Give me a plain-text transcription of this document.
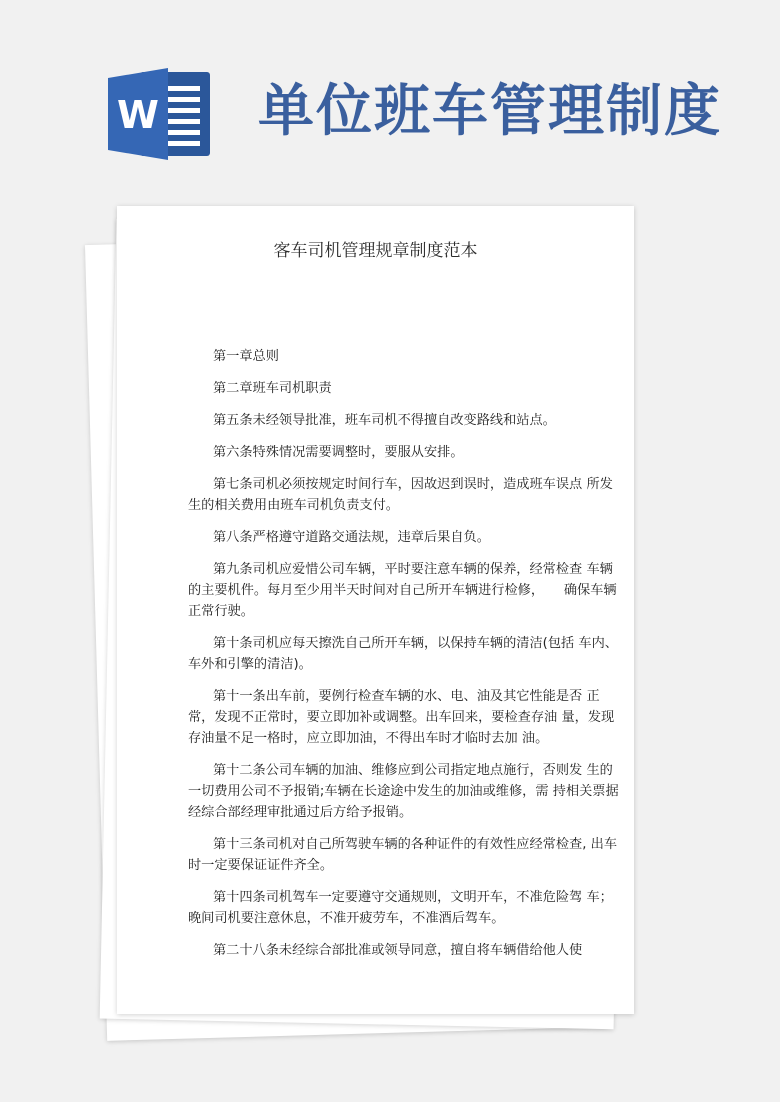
W 单位班车管理制度
客车司机管理规章制度范本

第一章总则

第二章班车司机职责

第五条未经领导批准，班车司机不得擅自改变路线和站点。

第六条特殊情况需要调整时，要服从安排。

第七条司机必须按规定时间行车，因故迟到误时，造成班车误点 所发生的相关费用由班车司机负责支付。

第八条严格遵守道路交通法规，违章后果自负。

第九条司机应爱惜公司车辆，平时要注意车辆的保养，经常检查 车辆的主要机件。每月至少用半天时间对自己所开车辆进行检修，　　确保车辆正常行驶。

第十条司机应每天擦洗自己所开车辆，以保持车辆的清洁(包括 车内、车外和引擎的清洁)。

第十一条出车前，要例行检查车辆的水、电、油及其它性能是否 正常，发现不正常时，要立即加补或调整。出车回来，要检查存油 量，发现存油量不足一格时，应立即加油，不得出车时才临时去加 油。

第十二条公司车辆的加油、维修应到公司指定地点施行，否则发 生的一切费用公司不予报销;车辆在长途途中发生的加油或维修，需 持相关票据经综合部经理审批通过后方给予报销。

第十三条司机对自己所驾驶车辆的各种证件的有效性应经常检查, 出车时一定要保证证件齐全。

第十四条司机驾车一定要遵守交通规则，文明开车，不准危险驾 车；晚间司机要注意休息，不准开疲劳车，不准酒后驾车。

第二十八条未经综合部批准或领导同意，擅自将车辆借给他人使
